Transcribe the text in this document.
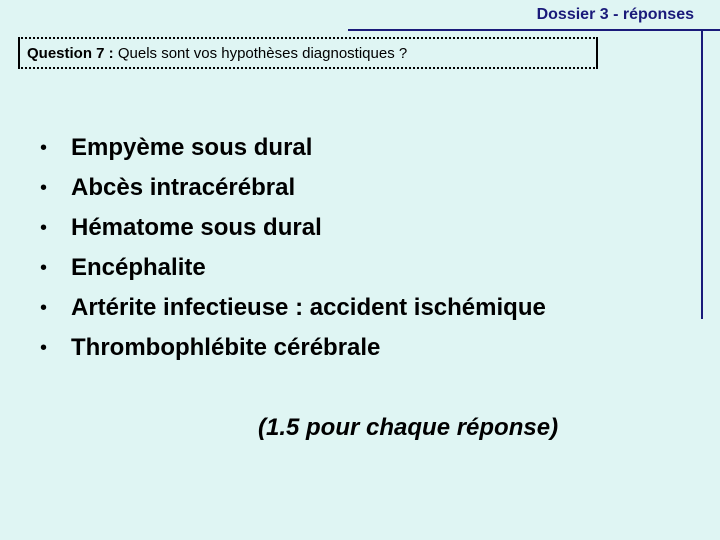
Dossier 3 - réponses
Question 7 : Quels sont vos hypothèses diagnostiques ?
• Empyème sous dural
• Abcès intracérébral
• Hématome sous dural
• Encéphalite
• Artérite infectieuse : accident ischémique
• Thrombophlébite cérébrale
(1.5 pour chaque réponse)
